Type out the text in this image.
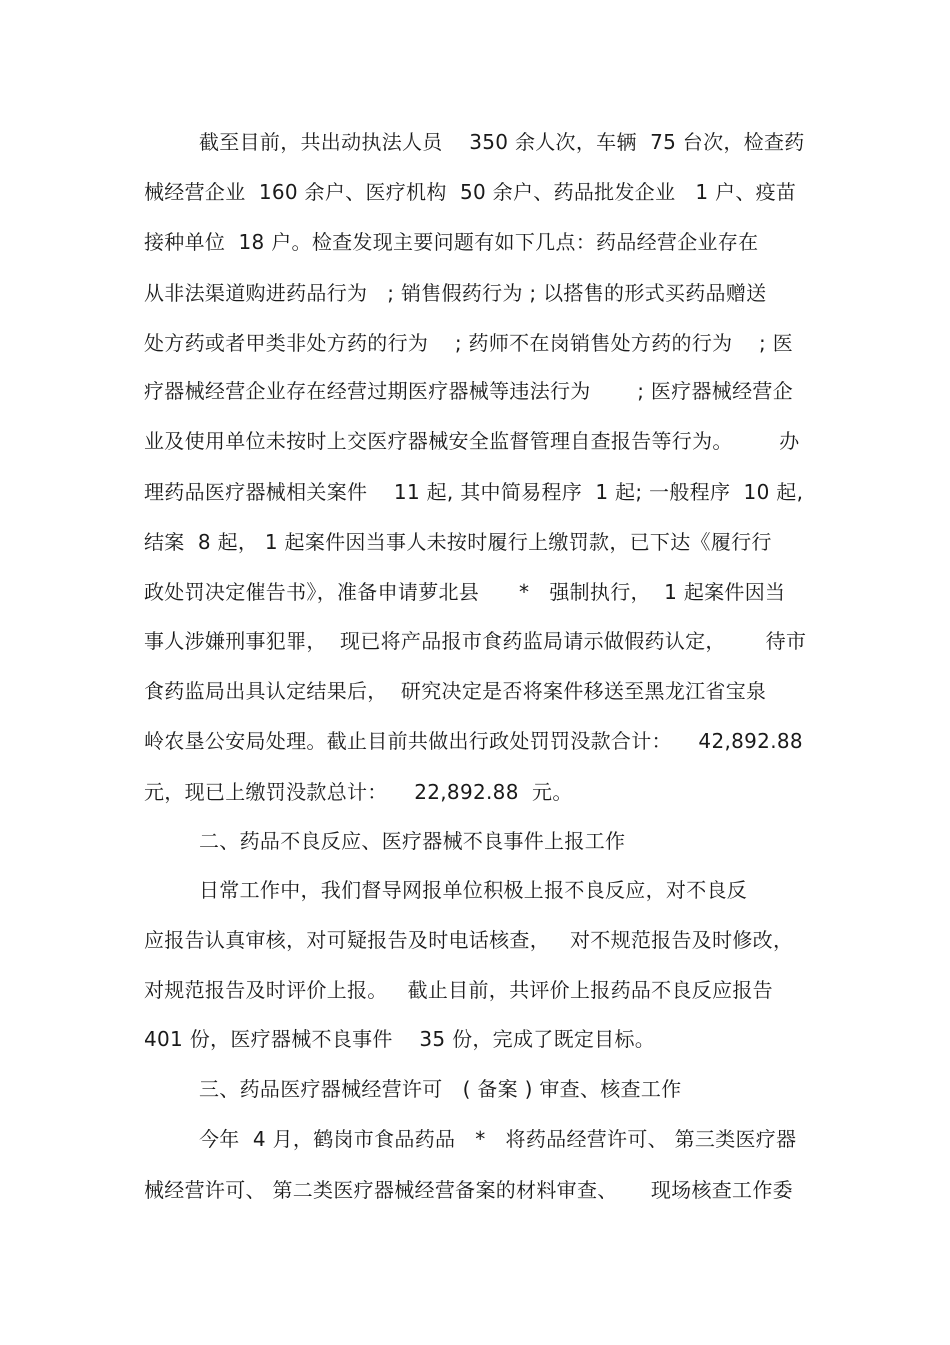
截至目前，共出动执法人员    350 余人次，车辆  75 台次，检查药
械经营企业  160 余户、医疗机构  50 余户、药品批发企业   1 户、疫苗
接种单位  18 户。检查发现主要问题有如下几点：药品经营企业存在
从非法渠道购进药品行为   ; 销售假药行为 ; 以搭售的形式买药品赠送
处方药或者甲类非处方药的行为    ; 药师不在岗销售处方药的行为    ; 医
疗器械经营企业存在经营过期医疗器械等违法行为       ; 医疗器械经营企
业及使用单位未按时上交医疗器械安全监督管理自查报告等行为。       办
理药品医疗器械相关案件    11 起, 其中简易程序  1 起; 一般程序  10 起,
结案  8 起， 1 起案件因当事人未按时履行上缴罚款，已下达《履行行
政处罚决定催告书》，准备申请萝北县      *   强制执行，  1 起案件因当
事人涉嫌刑事犯罪，  现已将产品报市食药监局请示做假药认定，      待市
食药监局出具认定结果后，  研究决定是否将案件移送至黑龙江省宝泉
岭农垦公安局处理。截止目前共做出行政处罚罚没款合计：    42,892.88
元，现已上缴罚没款总计：    22,892.88  元。
二、药品不良反应、医疗器械不良事件上报工作
日常工作中，我们督导网报单位积极上报不良反应，对不良反
应报告认真审核，对可疑报告及时电话核查，   对不规范报告及时修改，
对规范报告及时评价上报。   截止目前，共评价上报药品不良反应报告
401 份，医疗器械不良事件    35 份，完成了既定目标。
三、药品医疗器械经营许可   ( 备案 ) 审查、核查工作
今年  4 月，鹤岗市食品药品   *   将药品经营许可、 第三类医疗器
械经营许可、 第二类医疗器械经营备案的材料审查、     现场核查工作委
